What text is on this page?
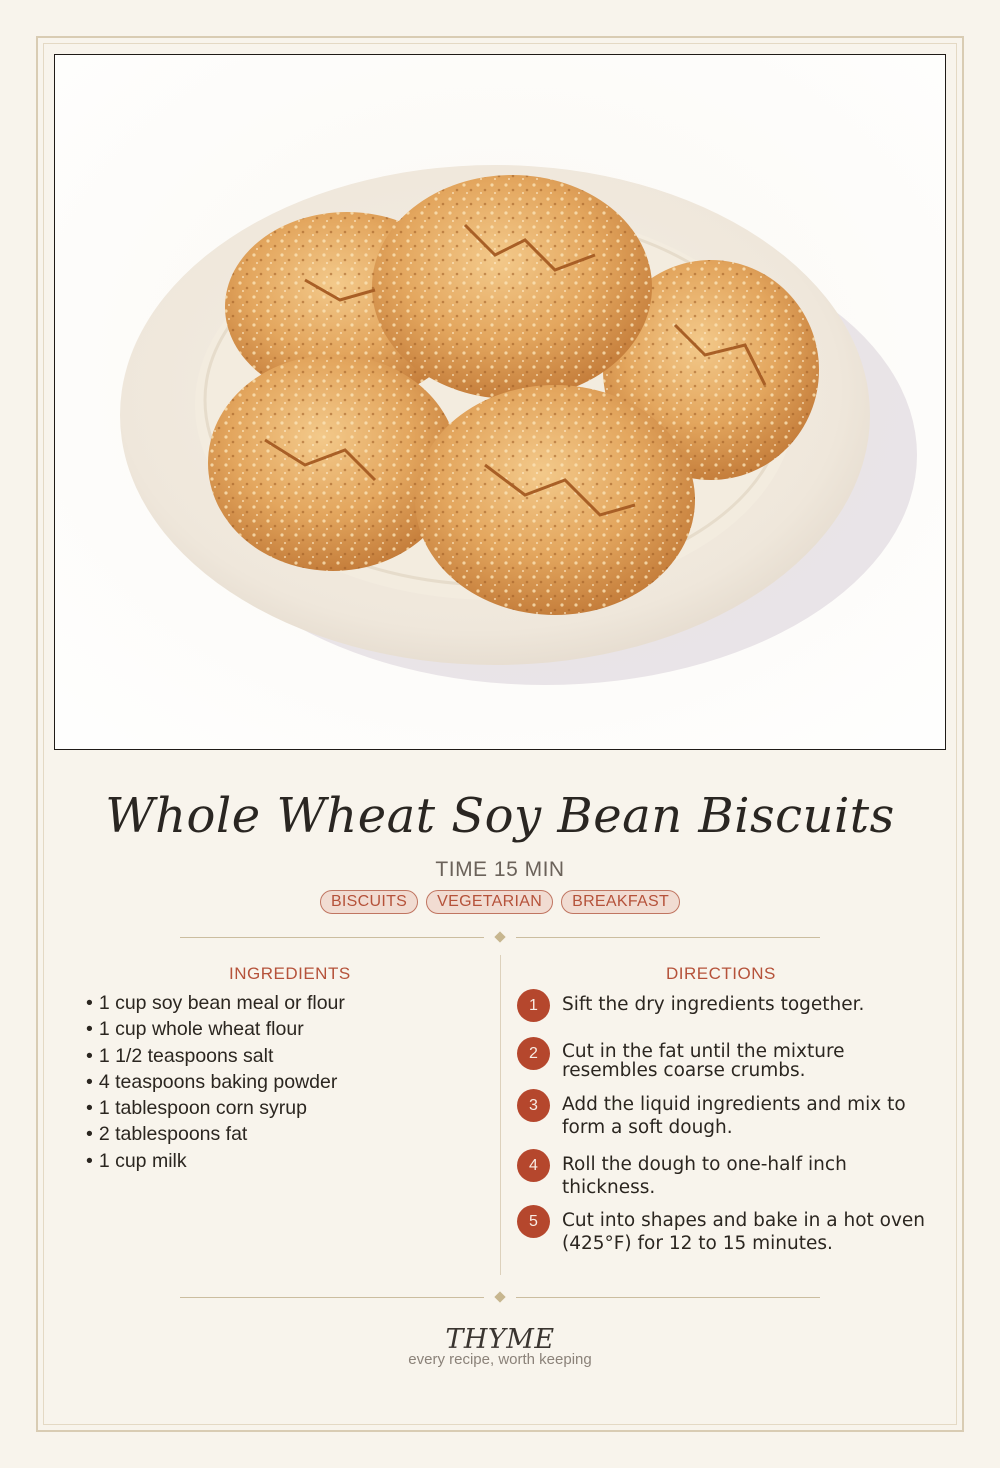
Whole Wheat Soy Bean Biscuits
TIME 15 MIN
BISCUITS	VEGETARIAN	BREAKFAST
INGREDIENTS
• 1 cup soy bean meal or flour
• 1 cup whole wheat flour
• 1 1/2 teaspoons salt
• 4 teaspoons baking powder
• 1 tablespoon corn syrup
• 2 tablespoons fat
• 1 cup milk
DIRECTIONS
1	Sift the dry ingredients together.
2	Cut in the fat until the mixture resembles coarse crumbs.
3	Add the liquid ingredients and mix to form a soft dough.
4	Roll the dough to one-half inch thickness.
5	Cut into shapes and bake in a hot oven (425°F) for 12 to 15 minutes.
THYME
every recipe, worth keeping
